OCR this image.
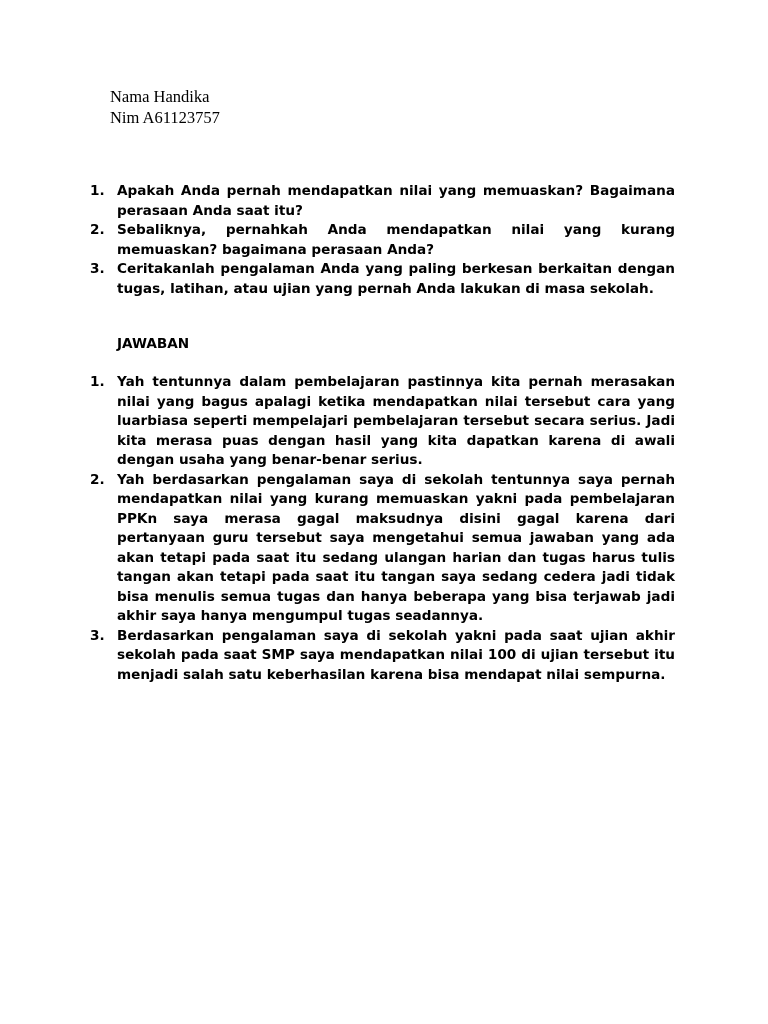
Nama Handika
Nim A61123757

1. Apakah Anda pernah mendapatkan nilai yang memuaskan? Bagaimana perasaan Anda saat itu?

2. Sebaliknya, pernahkah Anda mendapatkan nilai yang kurang memuaskan? bagaimana perasaan Anda?

3. Ceritakanlah pengalaman Anda yang paling berkesan berkaitan dengan tugas, latihan, atau ujian yang pernah Anda lakukan di masa sekolah.

JAWABAN

1. Yah tentunnya dalam pembelajaran pastinnya kita pernah merasakan nilai yang bagus apalagi ketika mendapatkan nilai tersebut cara yang luarbiasa seperti mempelajari pembelajaran tersebut secara serius. Jadi kita merasa puas dengan hasil yang kita dapatkan karena di awali dengan usaha yang benar-benar serius.

2. Yah berdasarkan pengalaman saya di sekolah tentunnya saya pernah mendapatkan nilai yang kurang memuaskan yakni pada pembelajaran PPKn saya merasa gagal maksudnya disini gagal karena dari pertanyaan guru tersebut saya mengetahui semua jawaban yang ada akan tetapi pada saat itu sedang ulangan harian dan tugas harus tulis tangan akan tetapi pada saat itu tangan saya sedang cedera jadi tidak bisa menulis semua tugas dan hanya beberapa yang bisa terjawab jadi akhir saya hanya mengumpul tugas seadannya.

3. Berdasarkan pengalaman saya di sekolah yakni pada saat ujian akhir sekolah pada saat SMP saya mendapatkan nilai 100 di ujian tersebut itu menjadi salah satu keberhasilan karena bisa mendapat nilai sempurna.
